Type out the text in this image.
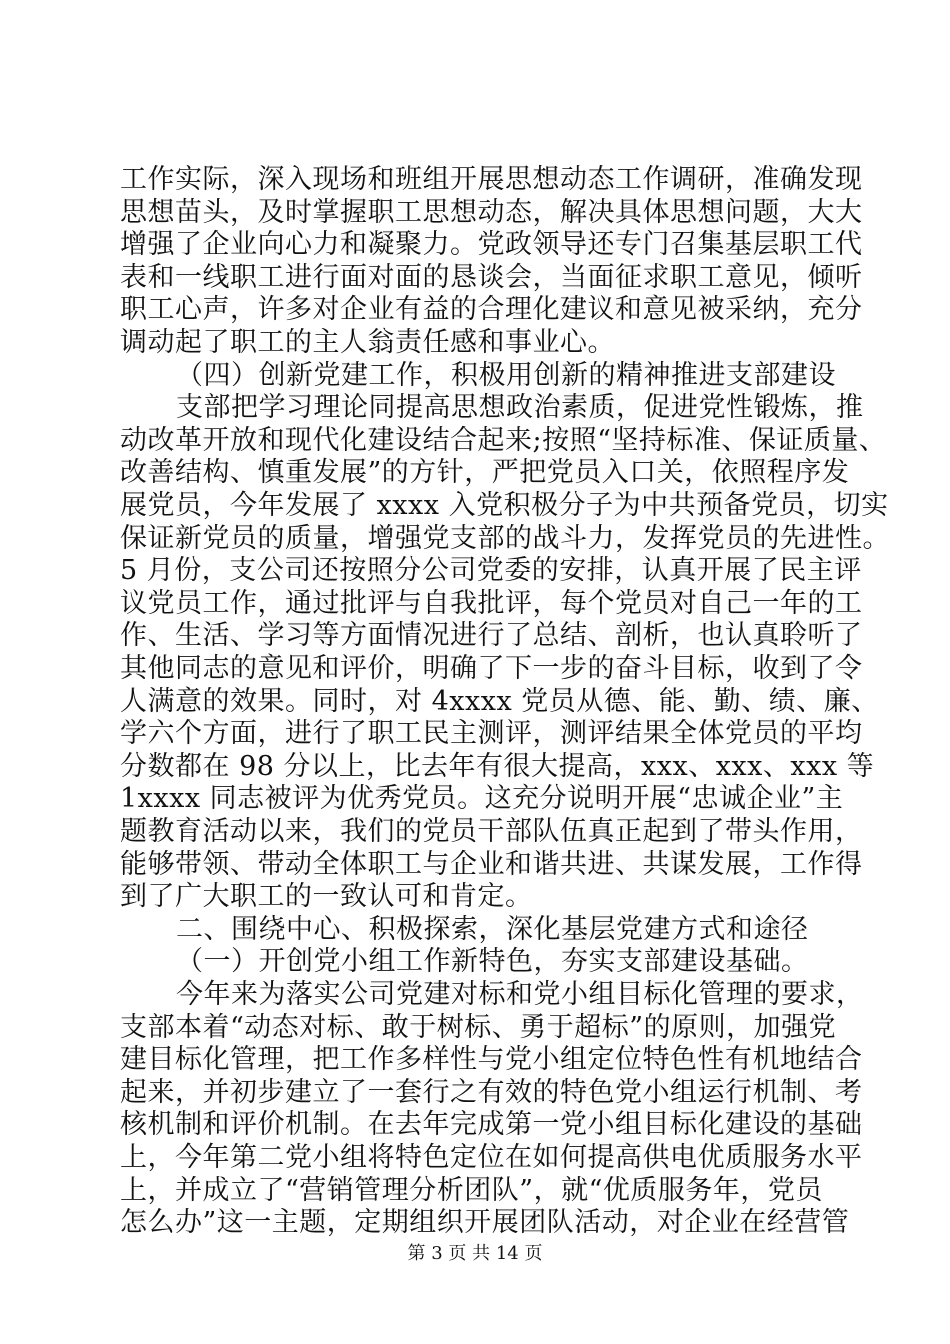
工作实际，深入现场和班组开展思想动态工作调研，准确发现
思想苗头，及时掌握职工思想动态，解决具体思想问题，大大
增强了企业向心力和凝聚力。党政领导还专门召集基层职工代
表和一线职工进行面对面的恳谈会，当面征求职工意见，倾听
职工心声，许多对企业有益的合理化建议和意见被采纳，充分
调动起了职工的主人翁责任感和事业心。
（四）创新党建工作，积极用创新的精神推进支部建设
支部把学习理论同提高思想政治素质，促进党性锻炼，推
动改革开放和现代化建设结合起来;按照“坚持标准、保证质量、
改善结构、慎重发展”的方针，严把党员入口关，依照程序发
展党员，今年发展了 xxxx 入党积极分子为中共预备党员，切实
保证新党员的质量，增强党支部的战斗力，发挥党员的先进性。
5 月份，支公司还按照分公司党委的安排，认真开展了民主评
议党员工作，通过批评与自我批评，每个党员对自己一年的工
作、生活、学习等方面情况进行了总结、剖析，也认真聆听了
其他同志的意见和评价，明确了下一步的奋斗目标，收到了令
人满意的效果。同时，对 4xxxx 党员从德、能、勤、绩、廉、
学六个方面，进行了职工民主测评，测评结果全体党员的平均
分数都在 98 分以上，比去年有很大提高，xxx、xxx、xxx 等
1xxxx 同志被评为优秀党员。这充分说明开展“忠诚企业”主
题教育活动以来，我们的党员干部队伍真正起到了带头作用，
能够带领、带动全体职工与企业和谐共进、共谋发展，工作得
到了广大职工的一致认可和肯定。
二、围绕中心、积极探索，深化基层党建方式和途径
（一）开创党小组工作新特色，夯实支部建设基础。
今年来为落实公司党建对标和党小组目标化管理的要求，
支部本着“动态对标、敢于树标、勇于超标”的原则，加强党
建目标化管理，把工作多样性与党小组定位特色性有机地结合
起来，并初步建立了一套行之有效的特色党小组运行机制、考
核机制和评价机制。在去年完成第一党小组目标化建设的基础
上，今年第二党小组将特色定位在如何提高供电优质服务水平
上，并成立了“营销管理分析团队”，就“优质服务年，党员
第 3 页 共 14 页
怎么办”这一主题，定期组织开展团队活动，对企业在经营管
